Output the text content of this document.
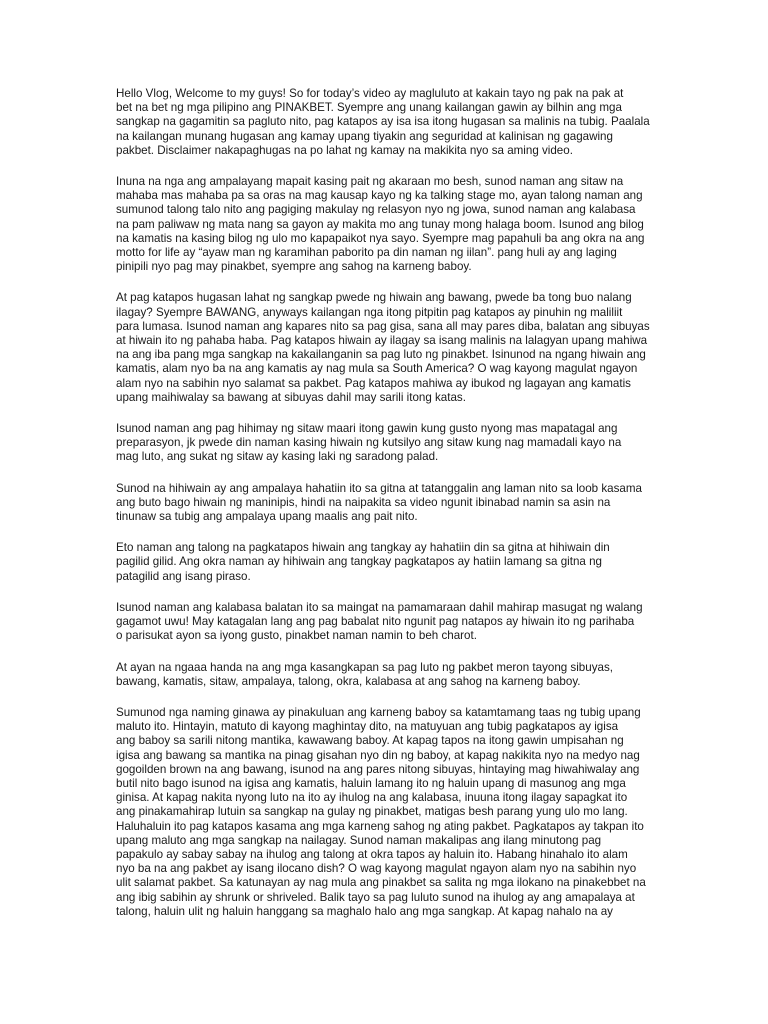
Hello Vlog, Welcome to my guys! So for today’s video ay magluluto at kakain tayo ng pak na pak at
bet na bet ng mga pilipino ang PINAKBET. Syempre ang unang kailangan gawin ay bilhin ang mga
sangkap na gagamitin sa pagluto nito, pag katapos ay isa isa itong hugasan sa malinis na tubig. Paalala
na kailangan munang hugasan ang kamay upang tiyakin ang seguridad at kalinisan ng gagawing
pakbet. Disclaimer nakapaghugas na po lahat ng kamay na makikita nyo sa aming video.
Inuna na nga ang ampalayang mapait kasing pait ng akaraan mo besh, sunod naman ang sitaw na
mahaba mas mahaba pa sa oras na mag kausap kayo ng ka talking stage mo, ayan talong naman ang
sumunod talong talo nito ang pagiging makulay ng relasyon nyo ng jowa, sunod naman ang kalabasa
na pam paliwaw ng mata nang sa gayon ay makita mo ang tunay mong halaga boom. Isunod ang bilog
na kamatis na kasing bilog ng ulo mo kapapaikot nya sayo. Syempre mag papahuli ba ang okra na ang
motto for life ay “ayaw man ng karamihan paborito pa din naman ng iilan”. pang huli ay ang laging
pinipili nyo pag may pinakbet, syempre ang sahog na karneng baboy.
At pag katapos hugasan lahat ng sangkap pwede ng hiwain ang bawang, pwede ba tong buo nalang
ilagay? Syempre BAWANG, anyways kailangan nga itong pitpitin pag katapos ay pinuhin ng maliliit
para lumasa. Isunod naman ang kapares nito sa pag gisa, sana all may pares diba, balatan ang sibuyas
at hiwain ito ng pahaba haba. Pag katapos hiwain ay ilagay sa isang malinis na lalagyan upang mahiwa
na ang iba pang mga sangkap na kakailanganin sa pag luto ng pinakbet. Isinunod na ngang hiwain ang
kamatis, alam nyo ba na ang kamatis ay nag mula sa South America? O wag kayong magulat ngayon
alam nyo na sabihin nyo salamat sa pakbet. Pag katapos mahiwa ay ibukod ng lagayan ang kamatis
upang maihiwalay sa bawang at sibuyas dahil may sarili itong katas.
Isunod naman ang pag hihimay ng sitaw maari itong gawin kung gusto nyong mas mapatagal ang
preparasyon, jk pwede din naman kasing hiwain ng kutsilyo ang sitaw kung nag mamadali kayo na
mag luto, ang sukat ng sitaw ay kasing laki ng saradong palad.
Sunod na hihiwain ay ang ampalaya hahatiin ito sa gitna at tatanggalin ang laman nito sa loob kasama
ang buto bago hiwain ng maninipis, hindi na naipakita sa video ngunit ibinabad namin sa asin na
tinunaw sa tubig ang ampalaya upang maalis ang pait nito.
Eto naman ang talong na pagkatapos hiwain ang tangkay ay hahatiin din sa gitna at hihiwain din
pagilid gilid. Ang okra naman ay hihiwain ang tangkay pagkatapos ay hatiin lamang sa gitna ng
patagilid ang isang piraso.
Isunod naman ang kalabasa balatan ito sa maingat na pamamaraan dahil mahirap masugat ng walang
gagamot uwu! May katagalan lang ang pag babalat nito ngunit pag natapos ay hiwain ito ng parihaba
o parisukat ayon sa iyong gusto, pinakbet naman namin to beh charot.
At ayan na ngaaa handa na ang mga kasangkapan sa pag luto ng pakbet meron tayong sibuyas,
bawang, kamatis, sitaw, ampalaya, talong, okra, kalabasa at ang sahog na karneng baboy.
Sumunod nga naming ginawa ay pinakuluan ang karneng baboy sa katamtamang taas ng tubig upang
maluto ito. Hintayin, matuto di kayong maghintay dito, na matuyuan ang tubig pagkatapos ay igisa
ang baboy sa sarili nitong mantika, kawawang baboy. At kapag tapos na itong gawin umpisahan ng
igisa ang bawang sa mantika na pinag gisahan nyo din ng baboy, at kapag nakikita nyo na medyo nag
gogoilden brown na ang bawang, isunod na ang pares nitong sibuyas, hintaying mag hiwahiwalay ang
butil nito bago isunod na igisa ang kamatis, haluin lamang ito ng haluin upang di masunog ang mga
ginisa. At kapag nakita nyong luto na ito ay ihulog na ang kalabasa, inuuna itong ilagay sapagkat ito
ang pinakamahirap lutuin sa sangkap na gulay ng pinakbet, matigas besh parang yung ulo mo lang.
Haluhaluin ito pag katapos kasama ang mga karneng sahog ng ating pakbet. Pagkatapos ay takpan ito
upang maluto ang mga sangkap na nailagay. Sunod naman makalipas ang ilang minutong pag
papakulo ay sabay sabay na ihulog ang talong at okra tapos ay haluin ito. Habang hinahalo ito alam
nyo ba na ang pakbet ay isang ilocano dish? O wag kayong magulat ngayon alam nyo na sabihin nyo
ulit salamat pakbet. Sa katunayan ay nag mula ang pinakbet sa salita ng mga ilokano na pinakebbet na
ang ibig sabihin ay shrunk or shriveled. Balik tayo sa pag luluto sunod na ihulog ay ang amapalaya at
talong, haluin ulit ng haluin hanggang sa maghalo halo ang mga sangkap. At kapag nahalo na ay
